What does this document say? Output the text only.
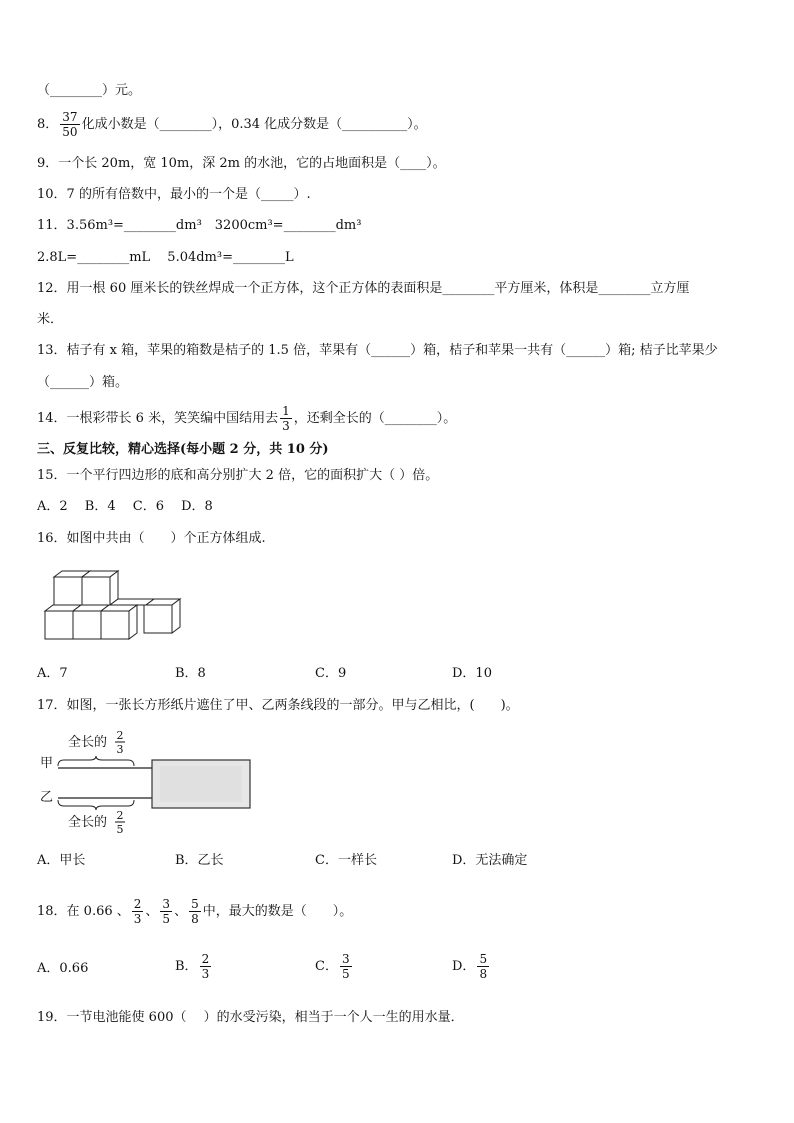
（________）元。
8． $\frac{37}{50}$ 化成小数是（________），0.34 化成分数是（__________）。
9．一个长 20m，宽 10m，深 2m 的水池，它的占地面积是（____）。
10．7 的所有倍数中，最小的一个是（_____）.
11．3.56m³=________dm³　3200cm³=________dm³
2.8L=________mL　 5.04dm³=________L
12．用一根 60 厘米长的铁丝焊成一个正方体，这个正方体的表面积是________平方厘米，体积是________立方厘
米．
13．桔子有 x 箱，苹果的箱数是桔子的 1.5 倍，苹果有（______）箱，桔子和苹果一共有（______）箱; 桔子比苹果少
（______）箱。
14．一根彩带长 6 米，笑笑编中国结用去 $\frac{1}{3}$ ，还剩全长的（________）。
三、反复比较，精心选择(每小题 2 分，共 10 分)
15．一个平行四边形的底和高分别扩大 2 倍，它的面积扩大（ ）倍。
A．2　 B．4　 C．6　 D．8
16．如图中共由（　　）个正方体组成.
A．7	B．8	C．9	D．10
17．如图，一张长方形纸片遮住了甲、乙两条线段的一部分。甲与乙相比，(　　)。
全长的 2
3
甲
乙
全长的 2
5
A．甲长	B．乙长	C．一样长	D．无法确定
18．在 0.66 、 $\frac{2}{3}$ 、 $\frac{3}{5}$ 、 $\frac{5}{8}$ 中，最大的数是（　　）。
A．0.66	B． $\frac{2}{3}$	C． $\frac{3}{5}$	D． $\frac{5}{8}$
19．一节电池能使 600（　 ）的水受污染，相当于一个人一生的用水量．
